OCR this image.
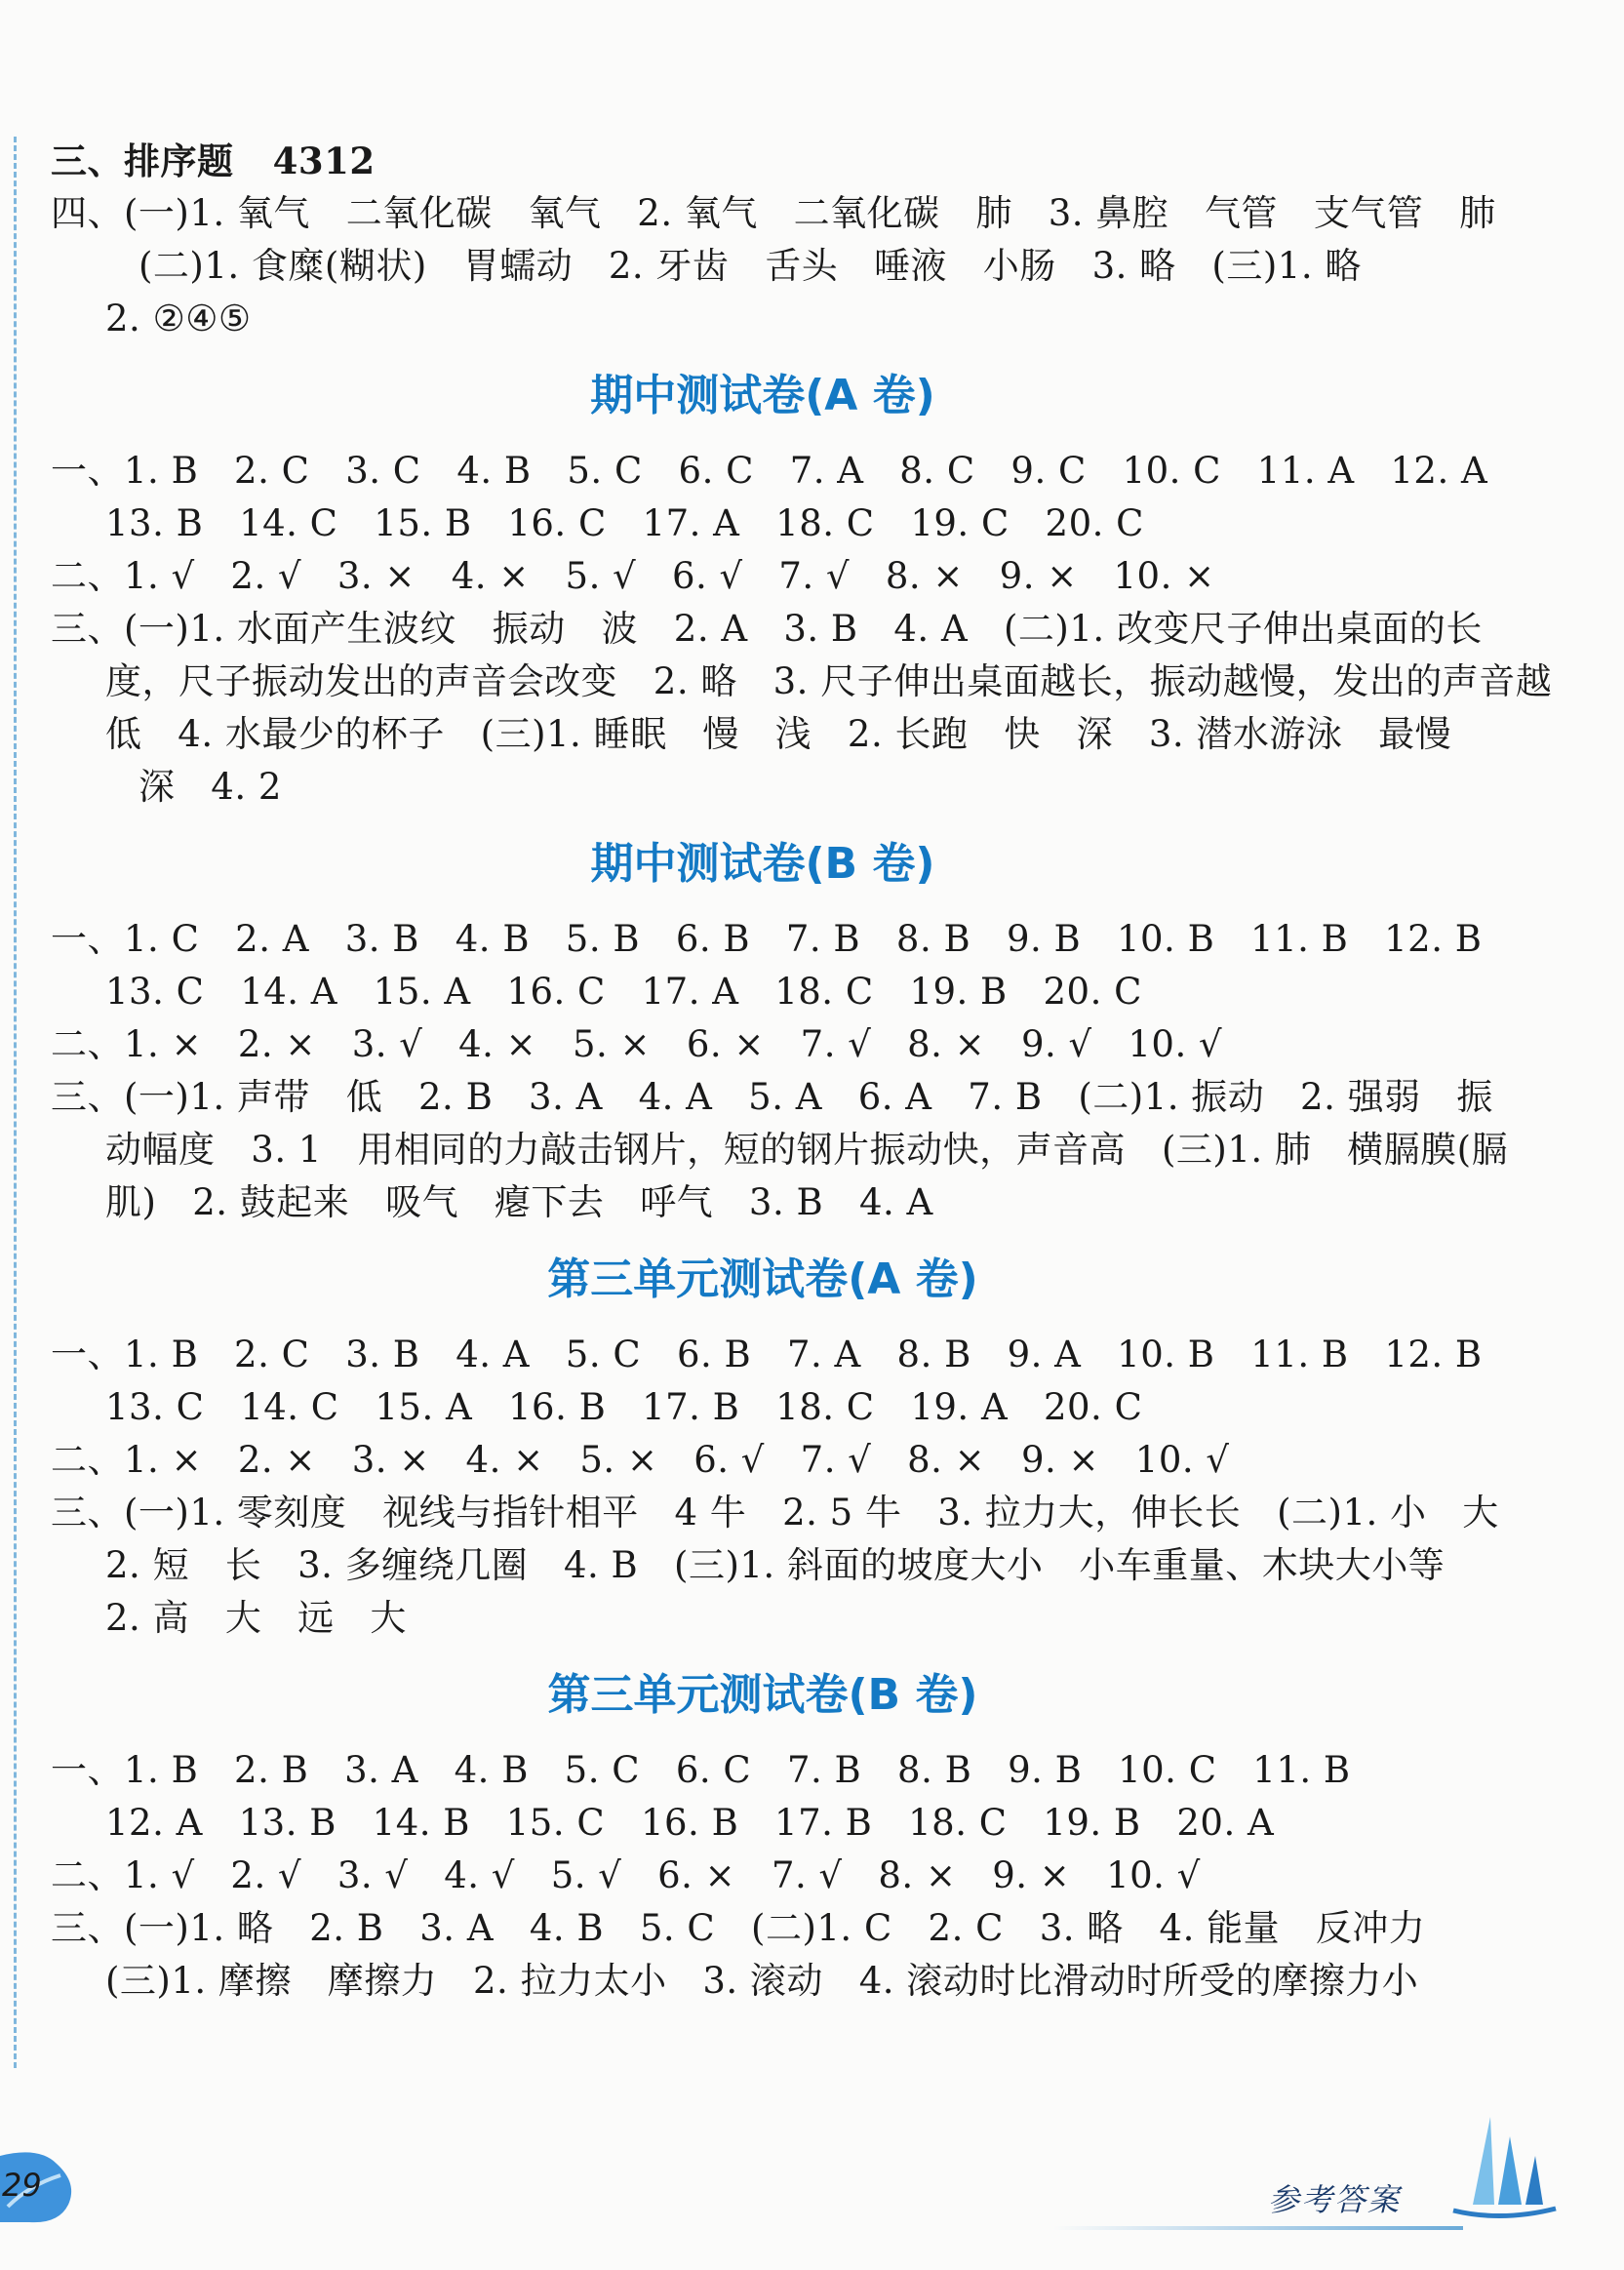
三、排序题   4312
四、(一)1. 氧气   二氧化碳   氧气   2. 氧气   二氧化碳   肺   3. 鼻腔   气管   支气管   肺
(二)1. 食糜(糊状)   胃蠕动   2. 牙齿   舌头   唾液   小肠   3. 略   (三)1. 略
2. ②④⑤
期中测试卷(A 卷)
一、1. B   2. C   3. C   4. B   5. C   6. C   7. A   8. C   9. C   10. C   11. A   12. A
13. B   14. C   15. B   16. C   17. A   18. C   19. C   20. C
二、1. √   2. √   3. ×   4. ×   5. √   6. √   7. √   8. ×   9. ×   10. ×
三、(一)1. 水面产生波纹   振动   波   2. A   3. B   4. A   (二)1. 改变尺子伸出桌面的长
度，尺子振动发出的声音会改变   2. 略   3. 尺子伸出桌面越长，振动越慢，发出的声音越
低   4. 水最少的杯子   (三)1. 睡眠   慢   浅   2. 长跑   快   深   3. 潜水游泳   最慢
深   4. 2
期中测试卷(B 卷)
一、1. C   2. A   3. B   4. B   5. B   6. B   7. B   8. B   9. B   10. B   11. B   12. B
13. C   14. A   15. A   16. C   17. A   18. C   19. B   20. C
二、1. ×   2. ×   3. √   4. ×   5. ×   6. ×   7. √   8. ×   9. √   10. √
三、(一)1. 声带   低   2. B   3. A   4. A   5. A   6. A   7. B   (二)1. 振动   2. 强弱   振
动幅度   3. 1   用相同的力敲击钢片，短的钢片振动快，声音高   (三)1. 肺   横膈膜(膈
肌)   2. 鼓起来   吸气   瘪下去   呼气   3. B   4. A
第三单元测试卷(A 卷)
一、1. B   2. C   3. B   4. A   5. C   6. B   7. A   8. B   9. A   10. B   11. B   12. B
13. C   14. C   15. A   16. B   17. B   18. C   19. A   20. C
二、1. ×   2. ×   3. ×   4. ×   5. ×   6. √   7. √   8. ×   9. ×   10. √
三、(一)1. 零刻度   视线与指针相平   4 牛   2. 5 牛   3. 拉力大，伸长长   (二)1. 小   大
2. 短   长   3. 多缠绕几圈   4. B   (三)1. 斜面的坡度大小   小车重量、木块大小等
2. 高   大   远   大
第三单元测试卷(B 卷)
一、1. B   2. B   3. A   4. B   5. C   6. C   7. B   8. B   9. B   10. C   11. B
12. A   13. B   14. B   15. C   16. B   17. B   18. C   19. B   20. A
二、1. √   2. √   3. √   4. √   5. √   6. ×   7. √   8. ×   9. ×   10. √
三、(一)1. 略   2. B   3. A   4. B   5. C   (二)1. C   2. C   3. 略   4. 能量   反冲力
(三)1. 摩擦   摩擦力   2. 拉力太小   3. 滚动   4. 滚动时比滑动时所受的摩擦力小
29	参考答案
